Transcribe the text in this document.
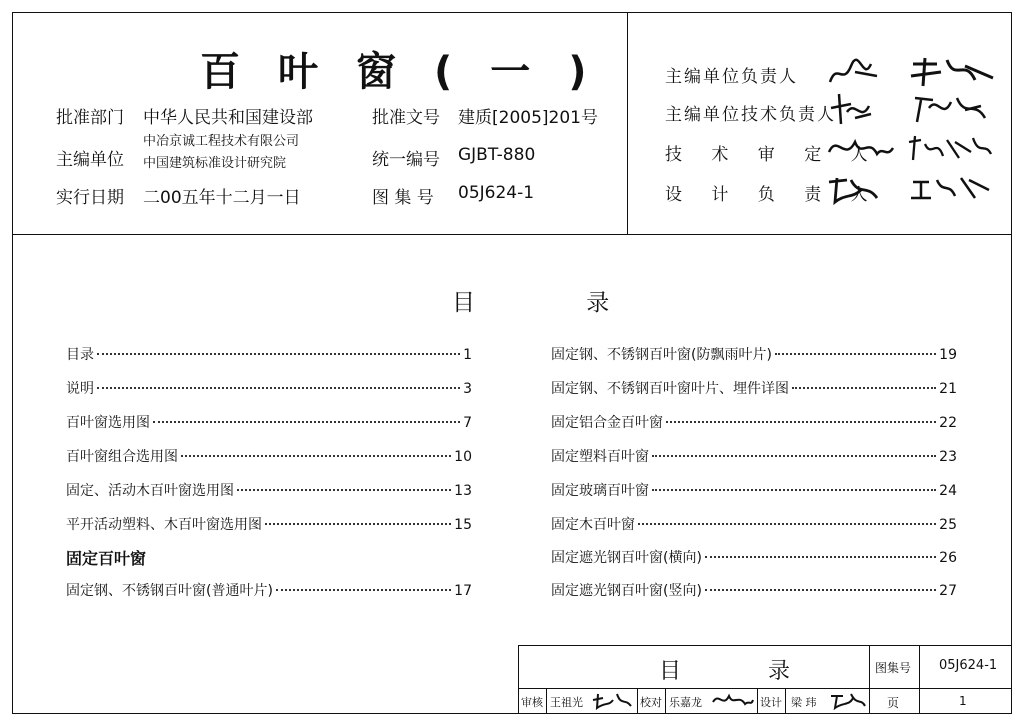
百叶窗(一)
批准部门 中华人民共和国建设部
主编单位
中冶京诚工程技术有限公司
中国建筑标准设计研究院
实行日期 二00五年十二月一日
批准文号 建质[2005]201号
统一编号 GJBT-880
图 集 号 05J624-1
主编单位负责人
主编单位技术负责人
技 术 审 定 人
设 计 负 责 人
目 录
目录	1
说明	3
百叶窗选用图	7
百叶窗组合选用图	10
固定、活动木百叶窗选用图	13
平开活动塑料、木百叶窗选用图	15
固定百叶窗
固定钢、不锈钢百叶窗(普通叶片)	17
固定钢、不锈钢百叶窗(防飘雨叶片)	19
固定钢、不锈钢百叶窗叶片、埋件详图	21
固定铝合金百叶窗	22
固定塑料百叶窗	23
固定玻璃百叶窗	24
固定木百叶窗	25
固定遮光钢百叶窗(横向)	26
固定遮光钢百叶窗(竖向)	27
目 录	图集号 05J624-1
审核 王祖光	校对 乐嘉龙	设计 梁 玮	页	1
